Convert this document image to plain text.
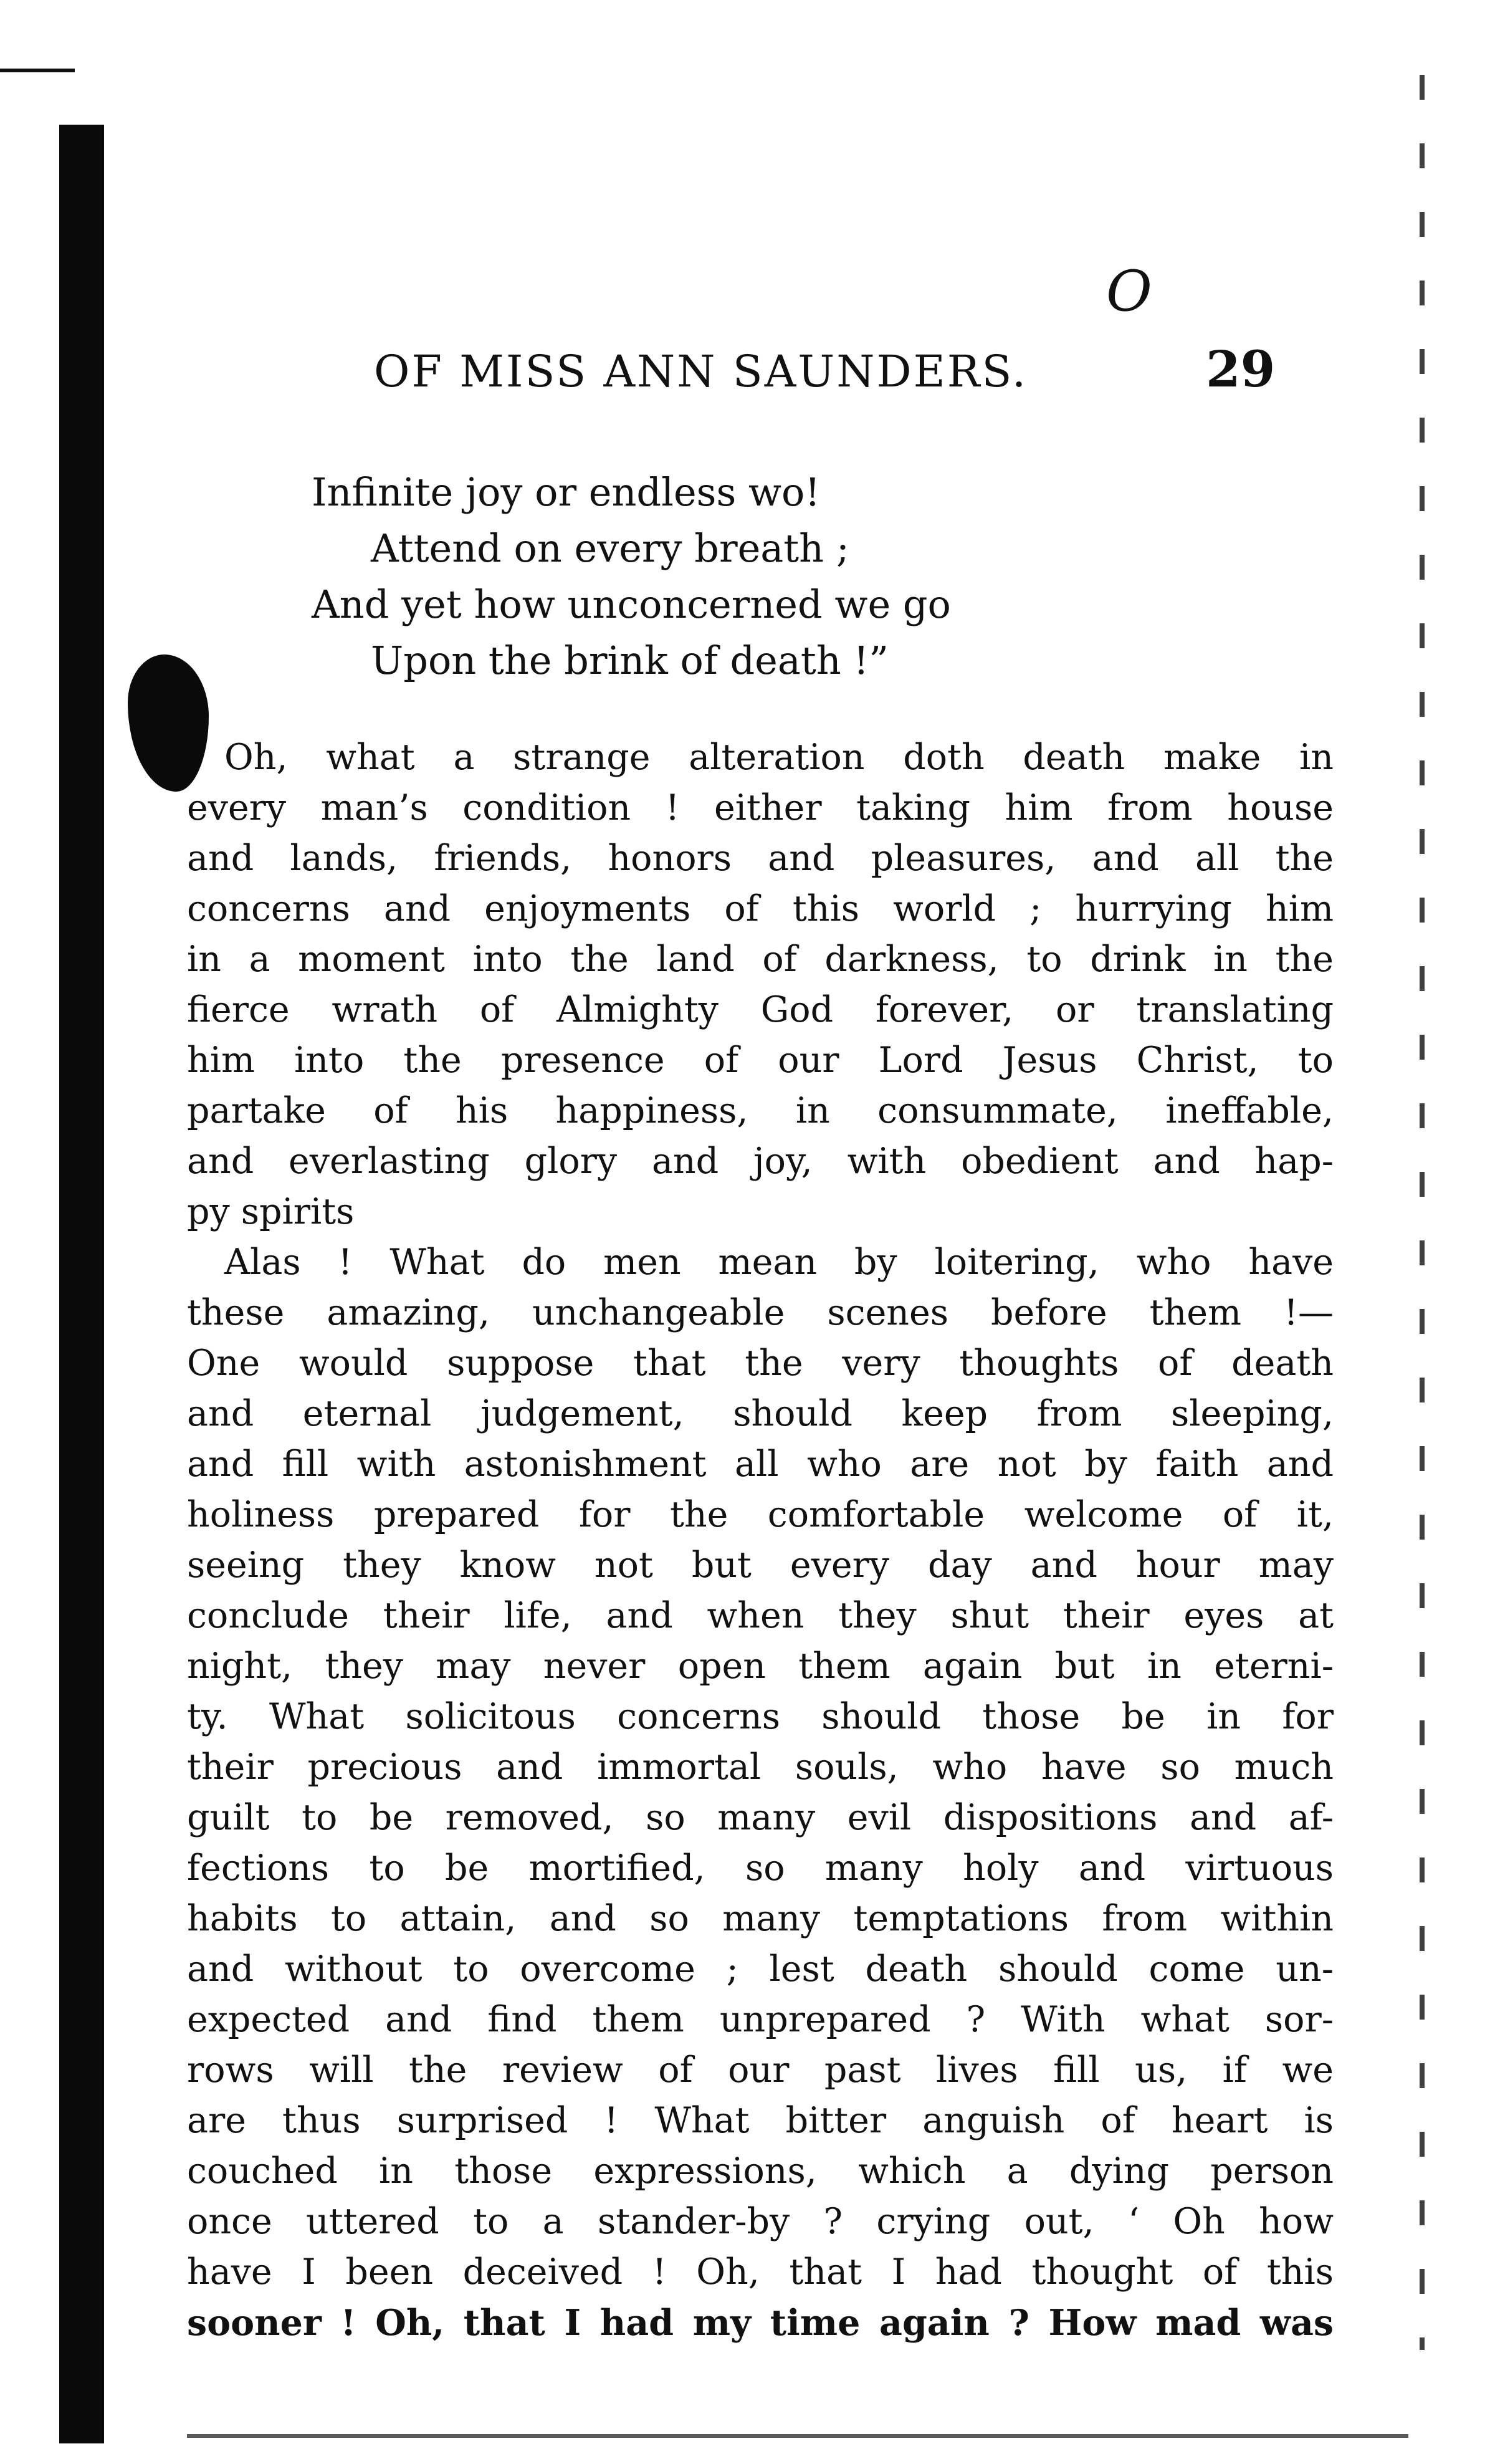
O
OF MISS ANN SAUNDERS.	29
Infinite joy or endless wo!
Attend on every breath ;
And yet how unconcerned we go
Upon the brink of death !”
Oh, what a strange alteration doth death make in
every man’s condition ! either taking him from house
and lands, friends, honors and pleasures, and all the
concerns and enjoyments of this world ; hurrying him
in a moment into the land of darkness, to drink in the
fierce wrath of Almighty God forever, or translating
him into the presence of our Lord Jesus Christ, to
partake of his happiness, in consummate, ineffable,
and everlasting glory and joy, with obedient and hap-
py spirits
Alas ! What do men mean by loitering, who have
these amazing, unchangeable scenes before them !—
One would suppose that the very thoughts of death
and eternal judgement, should keep from sleeping,
and fill with astonishment all who are not by faith and
holiness prepared for the comfortable welcome of it,
seeing they know not but every day and hour may
conclude their life, and when they shut their eyes at
night, they may never open them again but in eterni-
ty. What solicitous concerns should those be in for
their precious and immortal souls, who have so much
guilt to be removed, so many evil dispositions and af-
fections to be mortified, so many holy and virtuous
habits to attain, and so many temptations from within
and without to overcome ; lest death should come un-
expected and find them unprepared ? With what sor-
rows will the review of our past lives fill us, if we
are thus surprised ! What bitter anguish of heart is
couched in those expressions, which a dying person
once uttered to a stander-by ? crying out, ‘ Oh how
have I been deceived ! Oh, that I had thought of this
sooner ! Oh, that I had my time again ? How mad was
